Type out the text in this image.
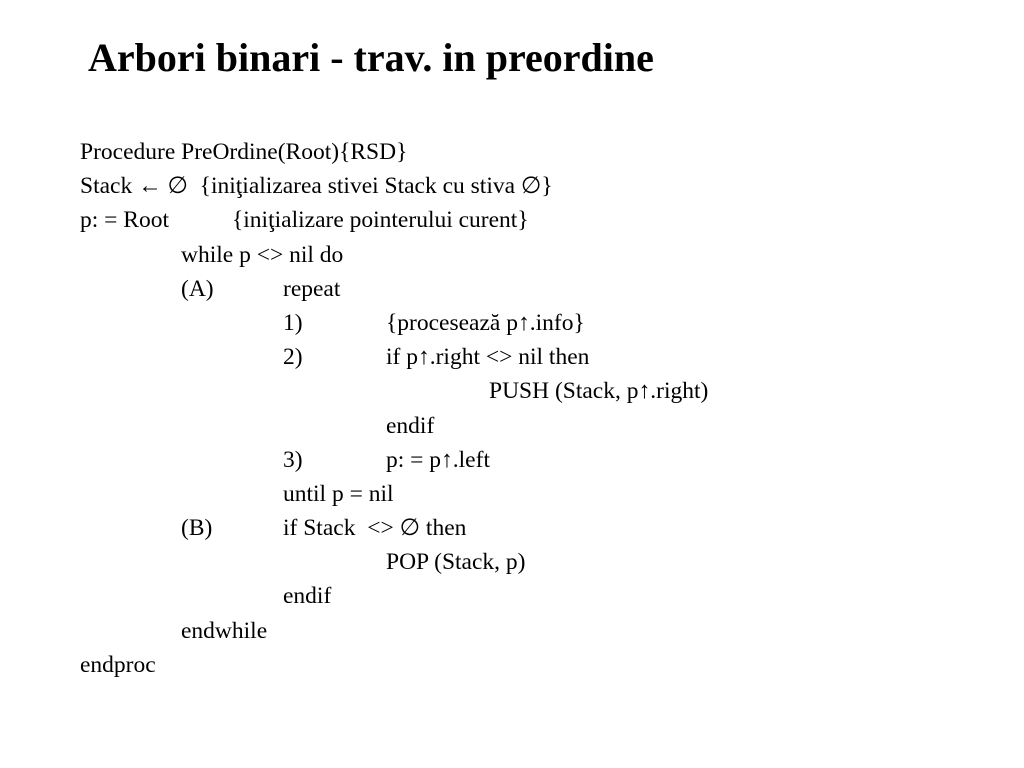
Arbori binari - trav. in preordine
Procedure PreOrdine(Root){RSD}
Stack ← ∅  {iniţializarea stivei Stack cu stiva ∅}
p: = Root	{iniţializare pointerului curent}
while p <> nil do
(A)	repeat
1)	{procesează p↑.info}
2)	if p↑.right <> nil then
PUSH (Stack, p↑.right)
endif
3)	p: = p↑.left
until p = nil
(B)	if Stack  <> ∅ then
POP (Stack, p)
endif
endwhile
endproc
